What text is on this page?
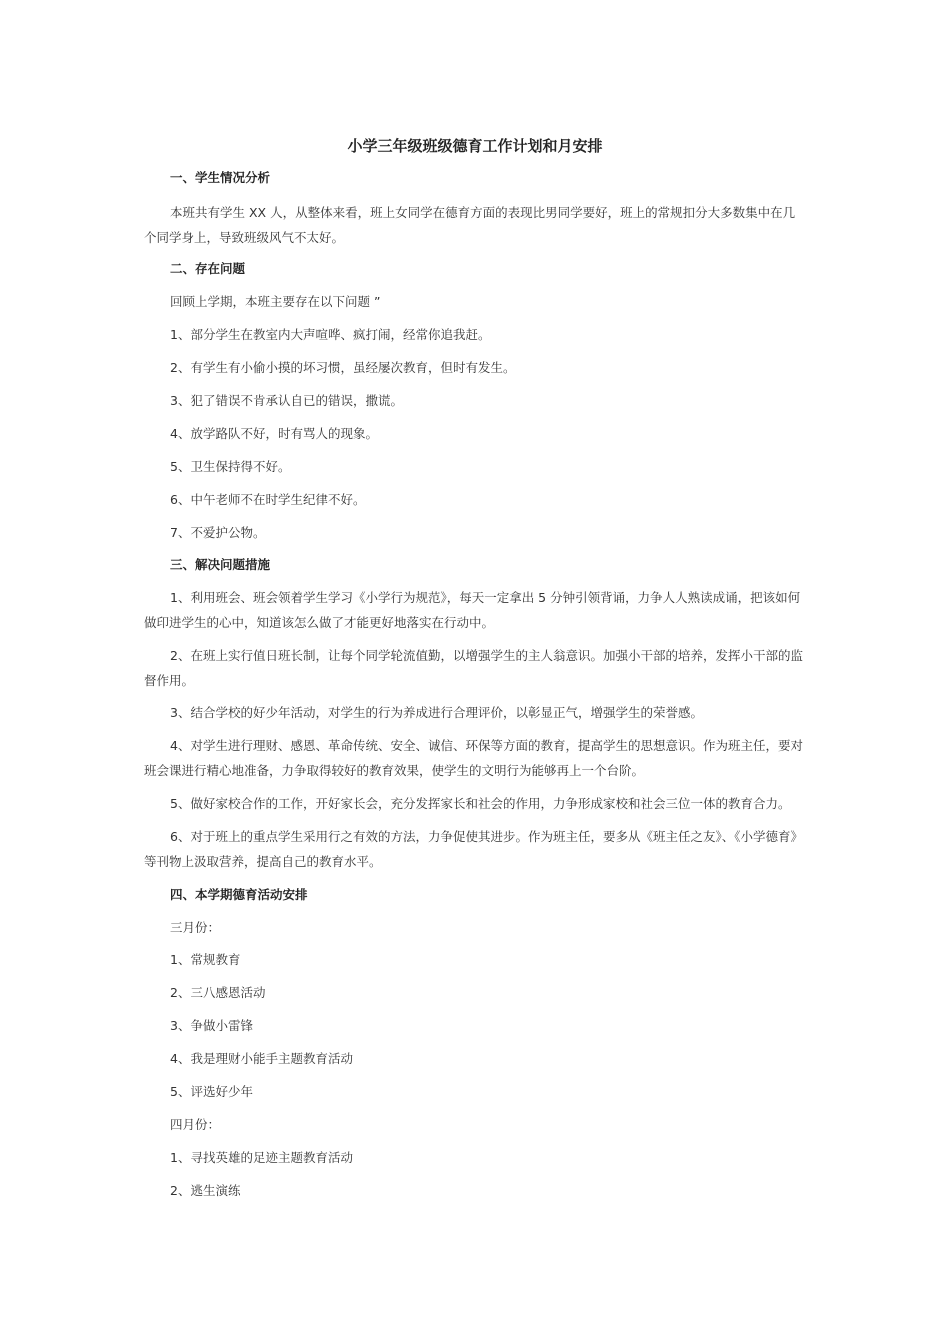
小学三年级班级德育工作计划和月安排

一、学生情况分析

本班共有学生 XX 人，从整体来看，班上女同学在德育方面的表现比男同学要好，班上的常规扣分大多数集中在几个同学身上，导致班级风气不太好。

二、存在问题

回顾上学期，本班主要存在以下问题 ”

1、部分学生在教室内大声喧哗、疯打闹，经常你追我赶。

2、有学生有小偷小摸的坏习惯，虽经屡次教育，但时有发生。

3、犯了错误不肯承认自已的错误，撒谎。

4、放学路队不好，时有骂人的现象。

5、卫生保持得不好。

6、中午老师不在时学生纪律不好。

7、不爱护公物。

三、解决问题措施

1、利用班会、班会领着学生学习《小学行为规范》，每天一定拿出 5 分钟引领背诵，力争人人熟读成诵，把该如何做印进学生的心中，知道该怎么做了才能更好地落实在行动中。

2、在班上实行值日班长制，让每个同学轮流值勤，以增强学生的主人翁意识。加强小干部的培养，发挥小干部的监督作用。

3、结合学校的好少年活动，对学生的行为养成进行合理评价，以彰显正气，增强学生的荣誉感。

4、对学生进行理财、感恩、革命传统、安全、诚信、环保等方面的教育，提高学生的思想意识。作为班主任，要对班会课进行精心地准备，力争取得较好的教育效果，使学生的文明行为能够再上一个台阶。

5、做好家校合作的工作，开好家长会，充分发挥家长和社会的作用，力争形成家校和社会三位一体的教育合力。

6、对于班上的重点学生采用行之有效的方法，力争促使其进步。作为班主任，要多从《班主任之友》、《小学德育》等刊物上汲取营养，提高自己的教育水平。

四、本学期德育活动安排

三月份：

1、常规教育

2、三八感恩活动

3、争做小雷锋

4、我是理财小能手主题教育活动

5、评选好少年

四月份：

1、寻找英雄的足迹主题教育活动

2、逃生演练
